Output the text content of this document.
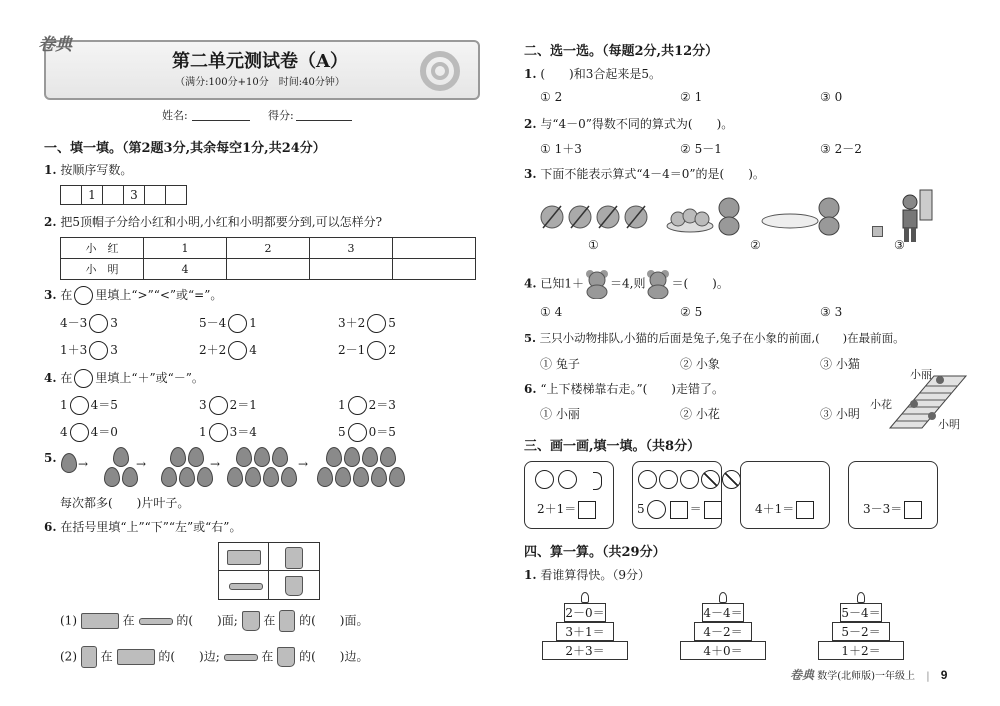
卷典
第二单元测试卷（A）
（满分:100分+10分　时间:40分钟）
姓名:	得分:
一、填一填。（第2题3分,其余每空1分,共24分）
1. 按顺序写数。
	1		3		
2. 把5顶帽子分给小红和小明,小红和小明都要分到,可以怎样分?
小　红	1	2	3	
小　明	4			
3. 在 里填上“>”“<”或“=”。
4－3 3	5－4 1	3＋2 5
1＋3 3	2＋2 4	2－1 2
4. 在 里填上“＋”或“－”。
1 4＝5	3 2＝1	1 2＝3
4 4＝0	1 3＝4	5 0＝5
5. →	→	→	→

每次都多(　　)片叶子。
6. 在括号里填“上”“下”“左”或“右”。
(1)	在	的(　　)面; 在 的(　　)面。
(2) 在	的(　　)边;	在 的(　　)边。
二、选一选。（每题2分,共12分）
1. (　　)和3合起来是5。
① 2	② 1	③ 0
2. 与“4－0”得数不同的算式为(　　)。
① 1＋3	② 5－1	③ 2－2
3. 下面不能表示算式“4－4＝0”的是(　　)。
①	②	③
4. 已知1＋ ＝4,则 ＝(　　)。
① 4	② 5	③ 3
5. 三只小动物排队,小猫的后面是兔子,兔子在小象的前面,(　　)在最前面。
① 兔子	② 小象	③ 小猫
6. “上下楼梯靠右走。”(　　)走错了。
① 小丽	② 小花	③ 小明
小丽
小花
小明
三、画一画,填一填。（共8分）
2＋1＝	5	＝	4＋1＝	3－3＝
四、算一算。（共29分）
1. 看谁算得快。（9分）
2－0＝
3＋1＝
2＋3＝
4－4＝
4－2＝
4＋0＝
5－4＝
5－2＝
1＋2＝
卷典 数学(北师版)一年级上 | 9
